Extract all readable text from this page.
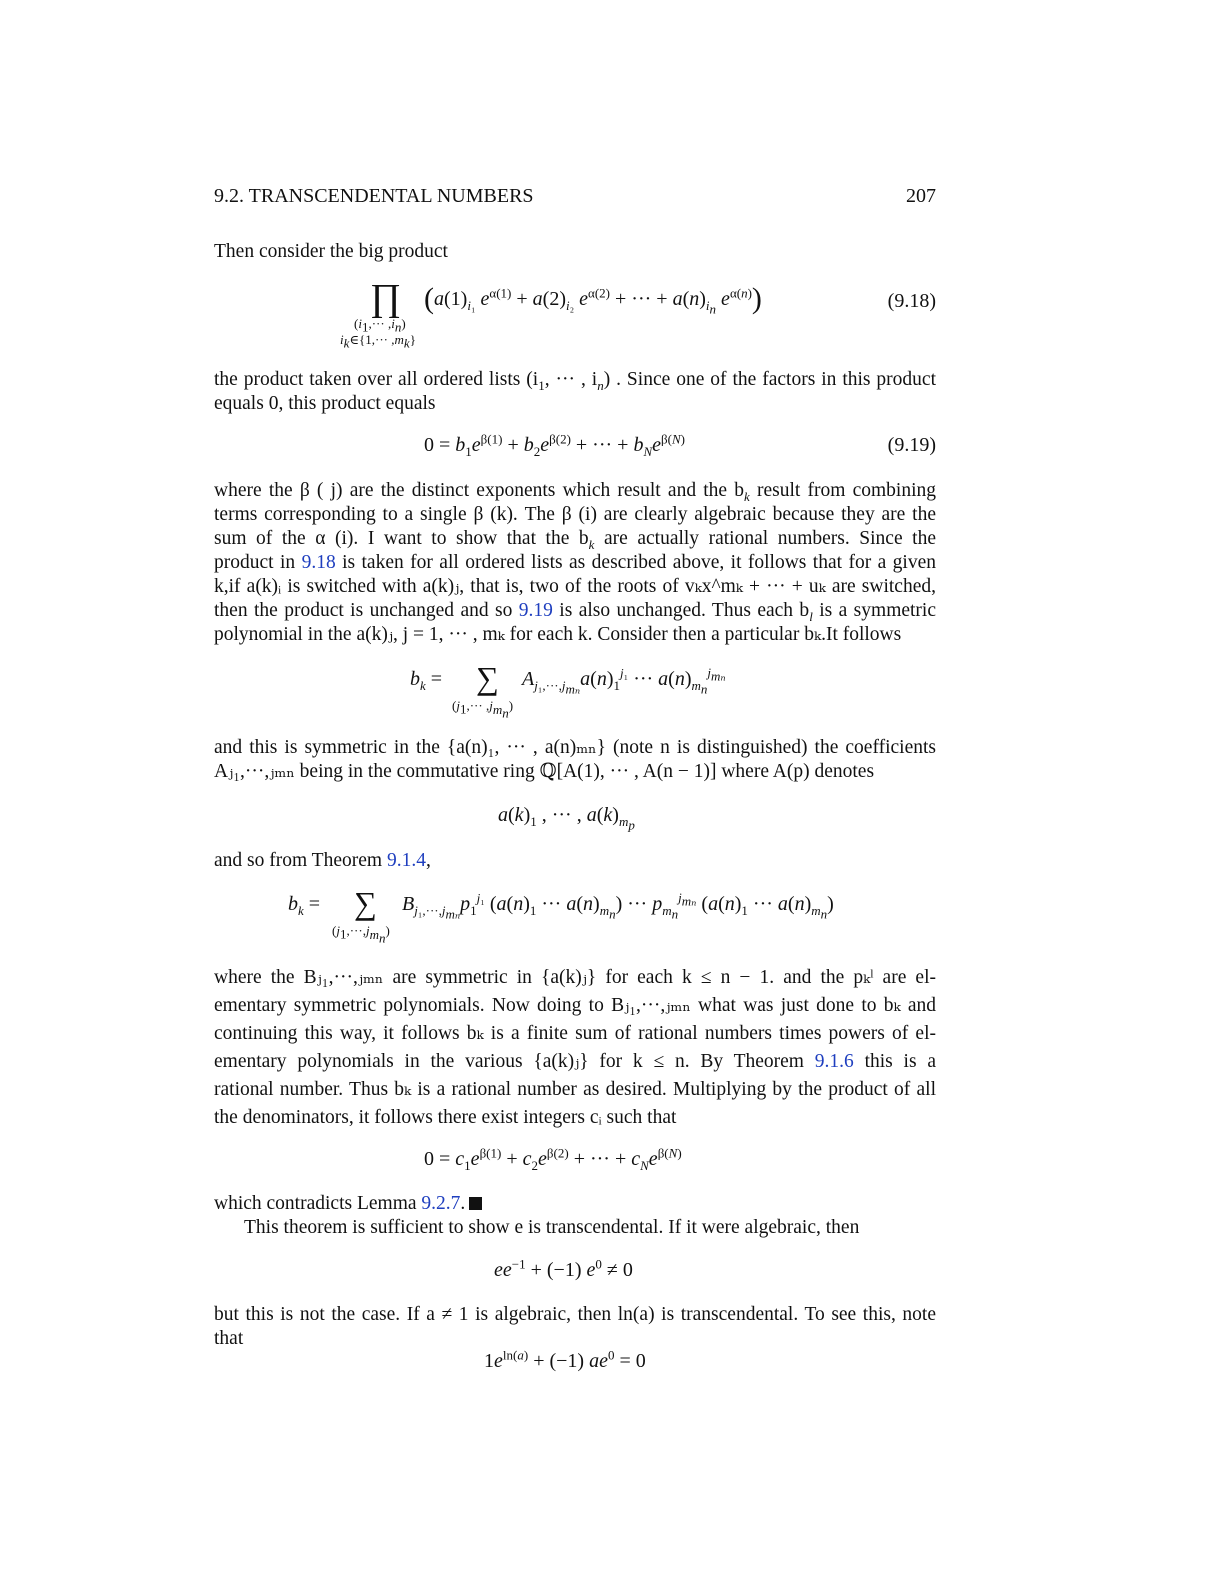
9.2. TRANSCENDENTAL NUMBERS	207
Then consider the big product
∏
$(i_1,\cdot\cdot\cdot ,i_n)$
$i_k\in\{1,\cdot\cdot\cdot ,m_k\}$
($a(1)_{i_1}$ $e^{\alpha(1)} + a(2)_{i_2}$ $e^{\alpha(2)}$ + ··· + $a(n)_{i_n}$ $e^{\alpha(n)}$)	(9.18)
the product taken over all ordered lists ($i_1$, ··· , $i_n$) . Since one of the factors in this product
equals 0, this product equals
$0 = b_1e^{\beta(1)} + b_2e^{\beta(2)}$ + ··· + $b_Ne^{\beta(N)}$	(9.19)
where the β ( j) are the distinct exponents which result and the $b_k$ result from combining
terms corresponding to a single β (k). The β (i) are clearly algebraic because they are the
sum of the α (i). I want to show that the $b_k$ are actually rational numbers. Since the
product in 9.18 is taken for all ordered lists as described above, it follows that for a given
k,if a(k)ᵢ is switched with a(k)ⱼ, that is, two of the roots of vₖx^mₖ + ··· + uₖ are switched,
then the product is unchanged and so 9.19 is also unchanged. Thus each $b_l$ is a symmetric
polynomial in the a(k)ⱼ, j = 1, ··· , mₖ for each k. Consider then a particular bₖ.It follows
$b_k$ = ∑
$(j_1,\cdot\cdot\cdot ,j_{m_n})$
$A_{j_1,\cdot\cdot\cdot,j_{m_n}}a(n)_1^{j_1}$ ··· $a(n)_{m_n}^{j_{m_n}}$
and this is symmetric in the {a(n)₁, ··· , a(n)ₘₙ} (note n is distinguished) the coefficients
Aⱼ₁,···,ⱼₘₙ being in the commutative ring ℚ[A(1), ··· , A(n − 1)] where A(p) denotes
$a(k)_1$ , ··· , $a(k)_{m_p}$
and so from Theorem 9.1.4,
$b_k$ = ∑
$(j_1,\cdot\cdot\cdot,j_{m_n})$
$B_{j_1,\cdot\cdot\cdot,j_{m_n}}p_1^{j_1}$ ($a(n)_1$ ··· $a(n)_{m_n}$) ··· $p_{m_n}^{j_{m_n}}$ ($a(n)_1$ ··· $a(n)_{m_n}$)
where the Bⱼ₁,···,ⱼₘₙ are symmetric in {a(k)ⱼ} for each k ≤ n − 1. and the pₖˡ are el-
ementary symmetric polynomials. Now doing to Bⱼ₁,···,ⱼₘₙ what was just done to bₖ and
continuing this way, it follows bₖ is a finite sum of rational numbers times powers of el-
ementary polynomials in the various {a(k)ⱼ} for k ≤ n. By Theorem 9.1.6 this is a
rational number. Thus bₖ is a rational number as desired. Multiplying by the product of all
the denominators, it follows there exist integers cᵢ such that
$0 = c_1e^{\beta(1)} + c_2e^{\beta(2)}$ + ··· + $c_Ne^{\beta(N)}$
which contradicts Lemma 9.2.7.
This theorem is sufficient to show e is transcendental. If it were algebraic, then
$ee^{-1} + (-1) e^0 \ne 0$
but this is not the case. If a ≠ 1 is algebraic, then ln(a) is transcendental. To see this, note
that
$1e^{ln(a)} + (-1) ae^0 = 0$
